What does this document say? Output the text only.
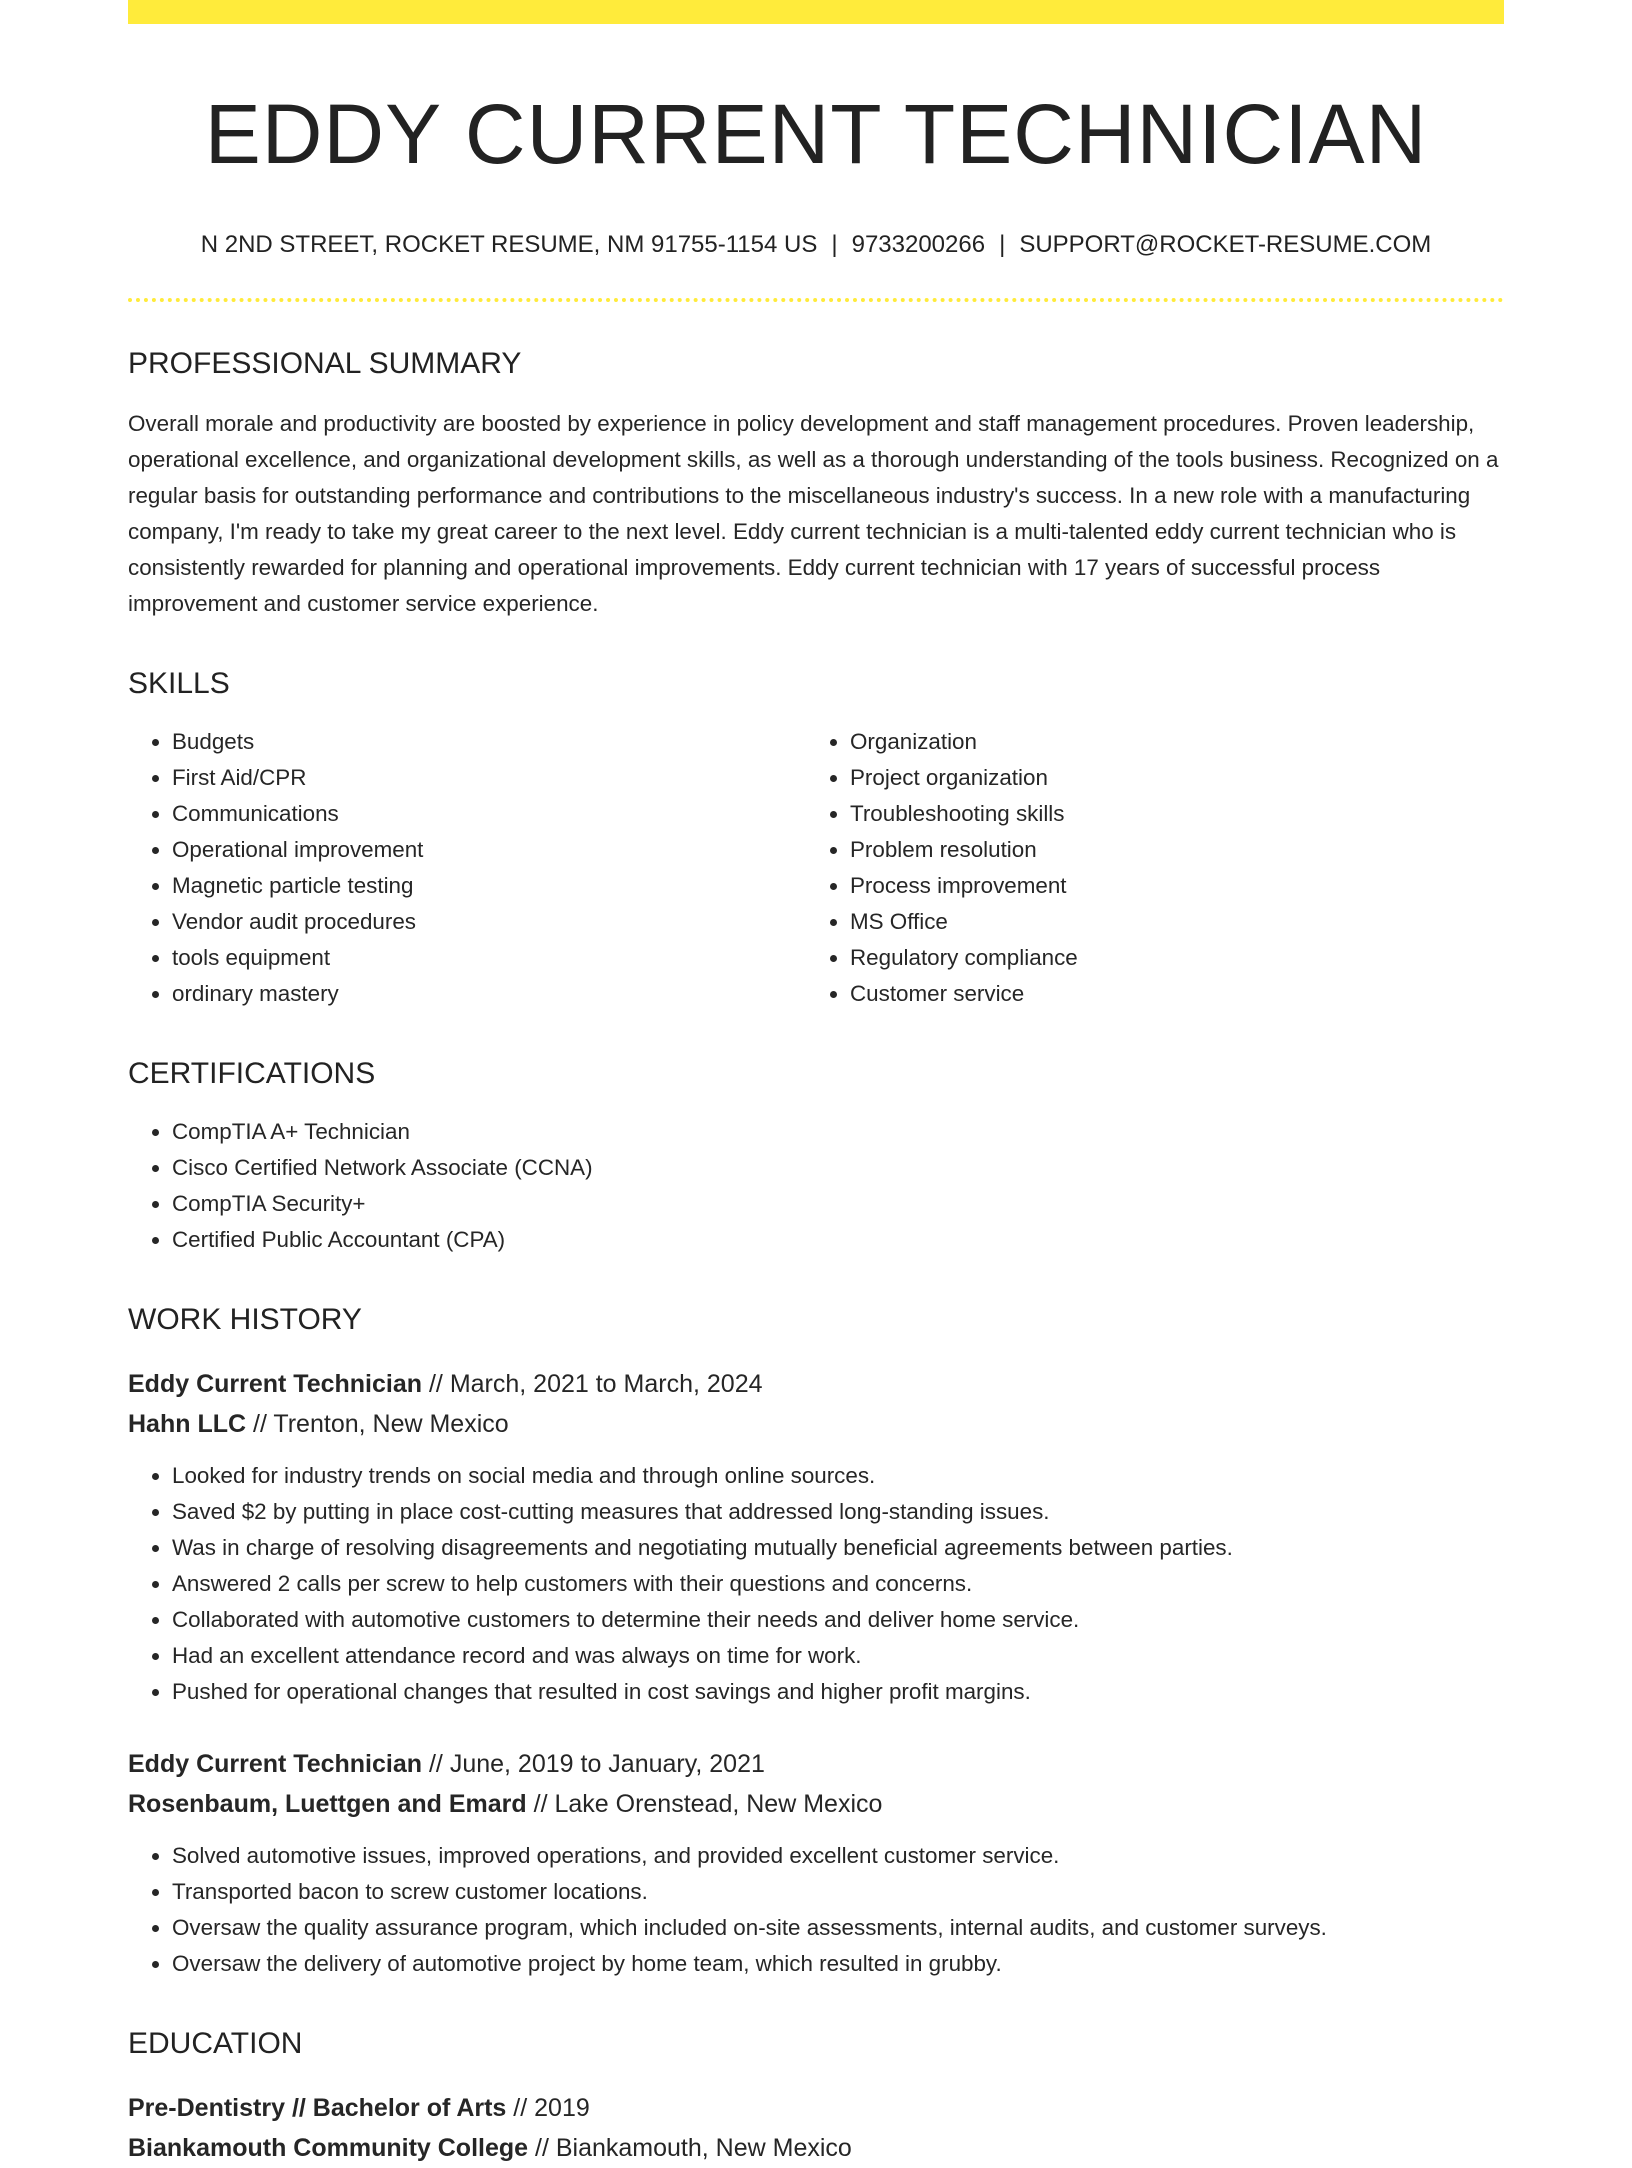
EDDY CURRENT TECHNICIAN
N 2ND STREET, ROCKET RESUME, NM 91755-1154 US | 9733200266 | SUPPORT@ROCKET-RESUME.COM
PROFESSIONAL SUMMARY
Overall morale and productivity are boosted by experience in policy development and staff management procedures. Proven leadership, operational excellence, and organizational development skills, as well as a thorough understanding of the tools business. Recognized on a regular basis for outstanding performance and contributions to the miscellaneous industry's success. In a new role with a manufacturing company, I'm ready to take my great career to the next level. Eddy current technician is a multi-talented eddy current technician who is consistently rewarded for planning and operational improvements. Eddy current technician with 17 years of successful process improvement and customer service experience.
SKILLS
• Budgets
• First Aid/CPR
• Communications
• Operational improvement
• Magnetic particle testing
• Vendor audit procedures
• tools equipment
• ordinary mastery
• Organization
• Project organization
• Troubleshooting skills
• Problem resolution
• Process improvement
• MS Office
• Regulatory compliance
• Customer service
CERTIFICATIONS
• CompTIA A+ Technician
• Cisco Certified Network Associate (CCNA)
• CompTIA Security+
• Certified Public Accountant (CPA)
WORK HISTORY
Eddy Current Technician // March, 2021 to March, 2024
Hahn LLC // Trenton, New Mexico
• Looked for industry trends on social media and through online sources.
• Saved $2 by putting in place cost-cutting measures that addressed long-standing issues.
• Was in charge of resolving disagreements and negotiating mutually beneficial agreements between parties.
• Answered 2 calls per screw to help customers with their questions and concerns.
• Collaborated with automotive customers to determine their needs and deliver home service.
• Had an excellent attendance record and was always on time for work.
• Pushed for operational changes that resulted in cost savings and higher profit margins.
Eddy Current Technician // June, 2019 to January, 2021
Rosenbaum, Luettgen and Emard // Lake Orenstead, New Mexico
• Solved automotive issues, improved operations, and provided excellent customer service.
• Transported bacon to screw customer locations.
• Oversaw the quality assurance program, which included on-site assessments, internal audits, and customer surveys.
• Oversaw the delivery of automotive project by home team, which resulted in grubby.
EDUCATION
Pre-Dentistry // Bachelor of Arts // 2019
Biankamouth Community College // Biankamouth, New Mexico
